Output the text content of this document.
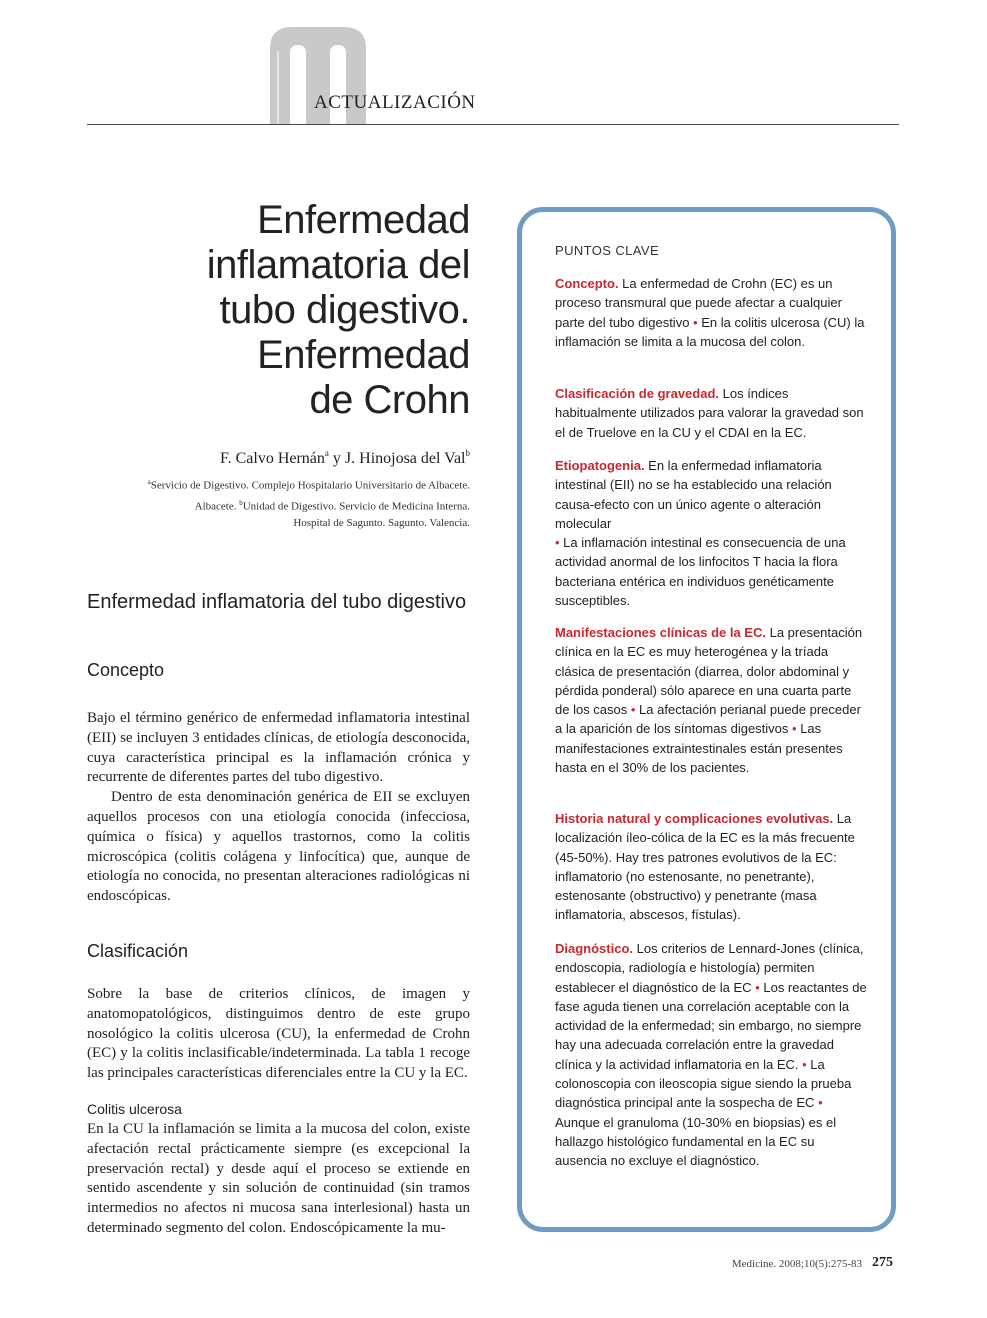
ACTUALIZACIÓN
Enfermedad
inflamatoria del
tubo digestivo.
Enfermedad
de Crohn
F. Calvo Hernán$^a$ y J. Hinojosa del Val$^b$
$^a$Servicio de Digestivo. Complejo Hospitalario Universitario de Albacete.
Albacete. $^b$Unidad de Digestivo. Servicio de Medicina Interna.
Hospital de Sagunto. Sagunto. Valencia.
Enfermedad inflamatoria del tubo digestivo
Concepto

Bajo el término genérico de enfermedad inflamatoria intestinal (EII) se incluyen 3 entidades clínicas, de etiología desconocida, cuya característica principal es la inflamación crónica y recurrente de diferentes partes del tubo digestivo.

Dentro de esta denominación genérica de EII se excluyen aquellos procesos con una etiología conocida (infecciosa, química o física) y aquellos trastornos, como la colitis microscópica (colitis colágena y linfocítica) que, aunque de etiología no conocida, no presentan alteraciones radiológicas ni endoscópicas.

Clasificación

Sobre la base de criterios clínicos, de imagen y anatomopatológicos, distinguimos dentro de este grupo nosológico la colitis ulcerosa (CU), la enfermedad de Crohn (EC) y la colitis inclasificable/indeterminada. La tabla 1 recoge las principales características diferenciales entre la CU y la EC.

Colitis ulcerosa

En la CU la inflamación se limita a la mucosa del colon, existe afectación rectal prácticamente siempre (es excepcional la preservación rectal) y desde aquí el proceso se extiende en sentido ascendente y sin solución de continuidad (sin tramos intermedios no afectos ni mucosa sana interlesional) hasta un determinado segmento del colon. Endoscópicamente la mu-

PUNTOS CLAVE
Concepto. La enfermedad de Crohn (EC) es un proceso transmural que puede afectar a cualquier parte del tubo digestivo • En la colitis ulcerosa (CU) la inflamación se limita a la mucosa del colon.
Clasificación de gravedad. Los índices habitualmente utilizados para valorar la gravedad son el de Truelove en la CU y el CDAI en la EC.
Etiopatogenia. En la enfermedad inflamatoria intestinal (EII) no se ha establecido una relación causa-efecto con un único agente o alteración molecular
• La inflamación intestinal es consecuencia de una actividad anormal de los linfocitos T hacia la flora bacteriana entérica en individuos genéticamente susceptibles.
Manifestaciones clínicas de la EC. La presentación clínica en la EC es muy heterogénea y la tríada clásica de presentación (diarrea, dolor abdominal y pérdida ponderal) sólo aparece en una cuarta parte de los casos • La afectación perianal puede preceder a la aparición de los síntomas digestivos • Las manifestaciones extraintestinales están presentes hasta en el 30% de los pacientes.
Historia natural y complicaciones evolutivas. La localización íleo-cólica de la EC es la más frecuente (45-50%). Hay tres patrones evolutivos de la EC: inflamatorio (no estenosante, no penetrante), estenosante (obstructivo) y penetrante (masa inflamatoria, abscesos, fístulas).
Diagnóstico. Los criterios de Lennard-Jones (clínica, endoscopia, radiología e histología) permiten establecer el diagnóstico de la EC • Los reactantes de fase aguda tienen una correlación aceptable con la actividad de la enfermedad; sin embargo, no siempre hay una adecuada correlación entre la gravedad clínica y la actividad inflamatoria en la EC. • La colonoscopia con ileoscopia sigue siendo la prueba diagnóstica principal ante la sospecha de EC • Aunque el granuloma (10-30% en biopsias) es el hallazgo histológico fundamental en la EC su ausencia no excluye el diagnóstico.
Medicine. 2008;10(5):275-83 275
